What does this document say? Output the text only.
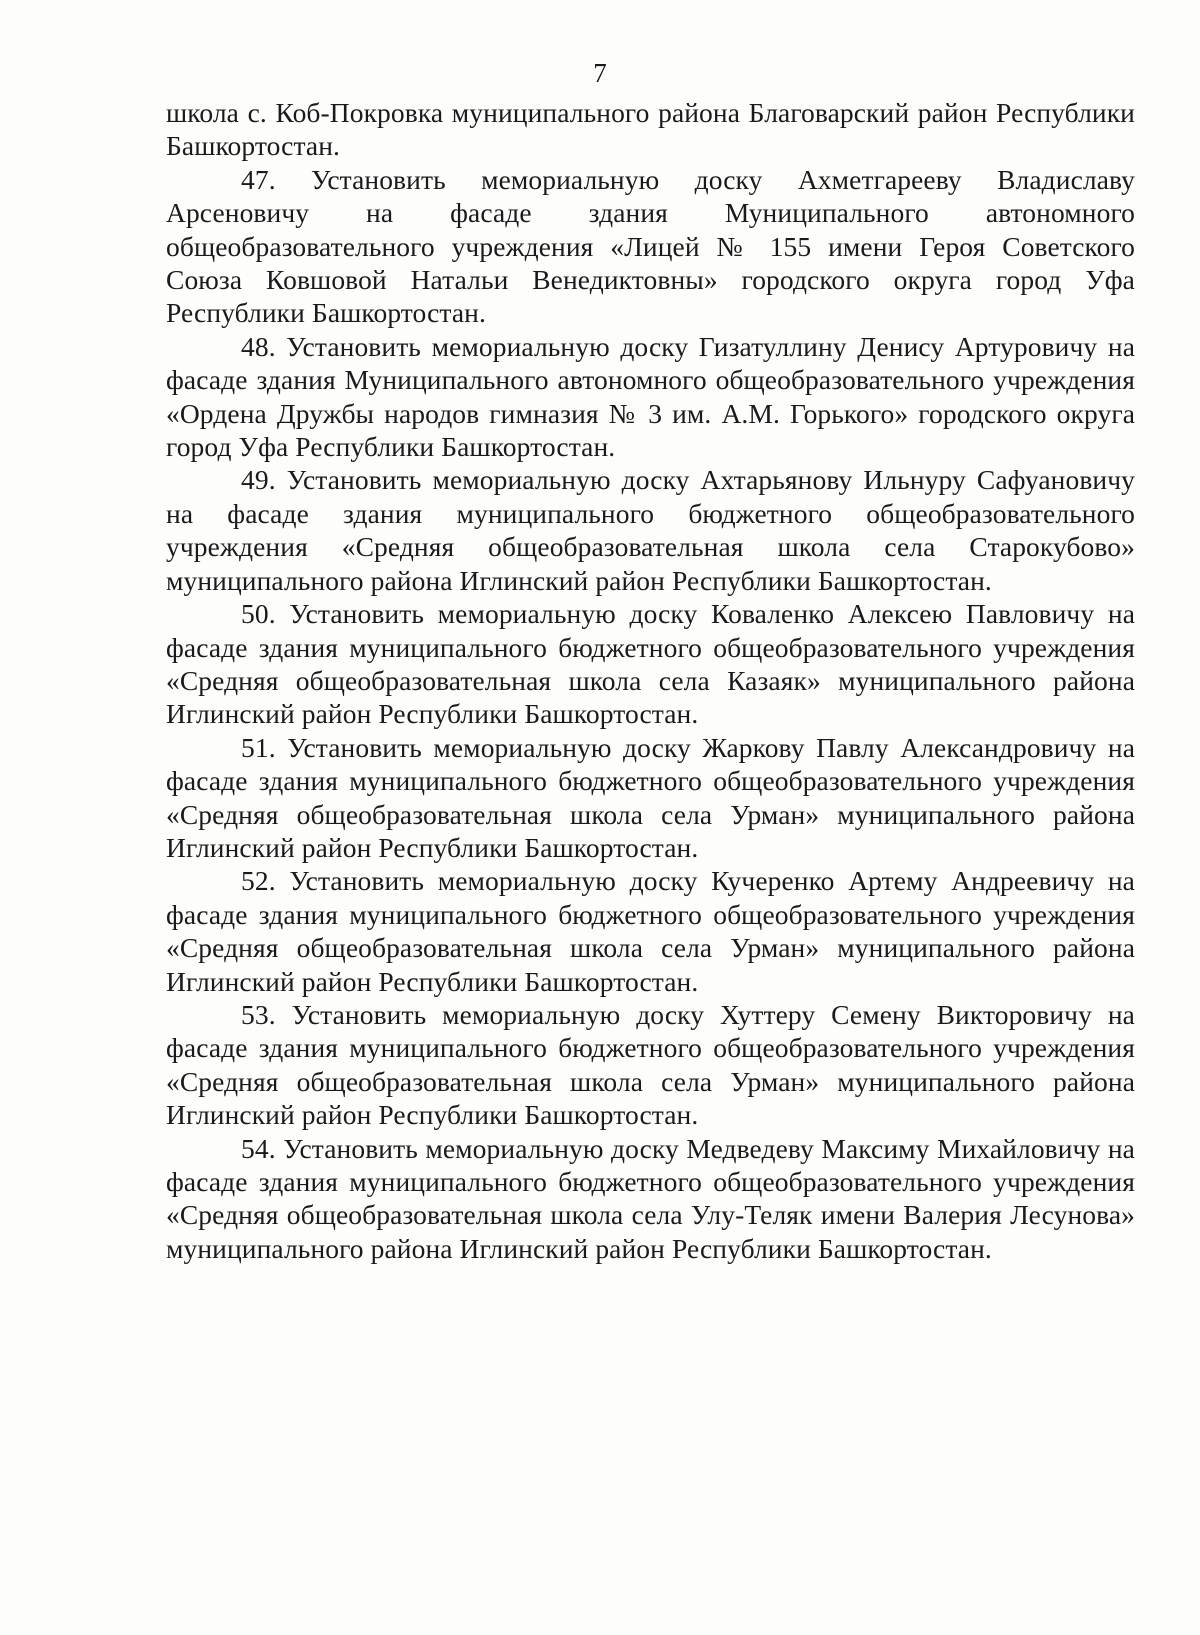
7

школа с. Коб-Покровка муниципального района Благоварский район Республики Башкортостан.

47. Установить мемориальную доску Ахметгарееву Владиславу Арсеновичу на фасаде здания Муниципального автономного общеобразовательного учреждения «Лицей № 155 имени Героя Советского Союза Ковшовой Натальи Венедиктовны» городского округа город Уфа Республики Башкортостан.

48. Установить мемориальную доску Гизатуллину Денису Артуровичу на фасаде здания Муниципального автономного общеобразовательного учреждения «Ордена Дружбы народов гимназия № 3 им. А.М. Горького» городского округа город Уфа Республики Башкортостан.

49. Установить мемориальную доску Ахтарьянову Ильнуру Сафуановичу на фасаде здания муниципального бюджетного общеобразовательного учреждения «Средняя общеобразовательная школа села Старокубово» муниципального района Иглинский район Республики Башкортостан.

50. Установить мемориальную доску Коваленко Алексею Павловичу на фасаде здания муниципального бюджетного общеобразовательного учреждения «Средняя общеобразовательная школа села Казаяк» муниципального района Иглинский район Республики Башкортостан.

51. Установить мемориальную доску Жаркову Павлу Александровичу на фасаде здания муниципального бюджетного общеобразовательного учреждения «Средняя общеобразовательная школа села Урман» муниципального района Иглинский район Республики Башкортостан.

52. Установить мемориальную доску Кучеренко Артему Андреевичу на фасаде здания муниципального бюджетного общеобразовательного учреждения «Средняя общеобразовательная школа села Урман» муниципального района Иглинский район Республики Башкортостан.

53. Установить мемориальную доску Хуттеру Семену Викторовичу на фасаде здания муниципального бюджетного общеобразовательного учреждения «Средняя общеобразовательная школа села Урман» муниципального района Иглинский район Республики Башкортостан.

54. Установить мемориальную доску Медведеву Максиму Михайловичу на фасаде здания муниципального бюджетного общеобразовательного учреждения «Средняя общеобразовательная школа села Улу-Теляк имени Валерия Лесунова» муниципального района Иглинский район Республики Башкортостан.
